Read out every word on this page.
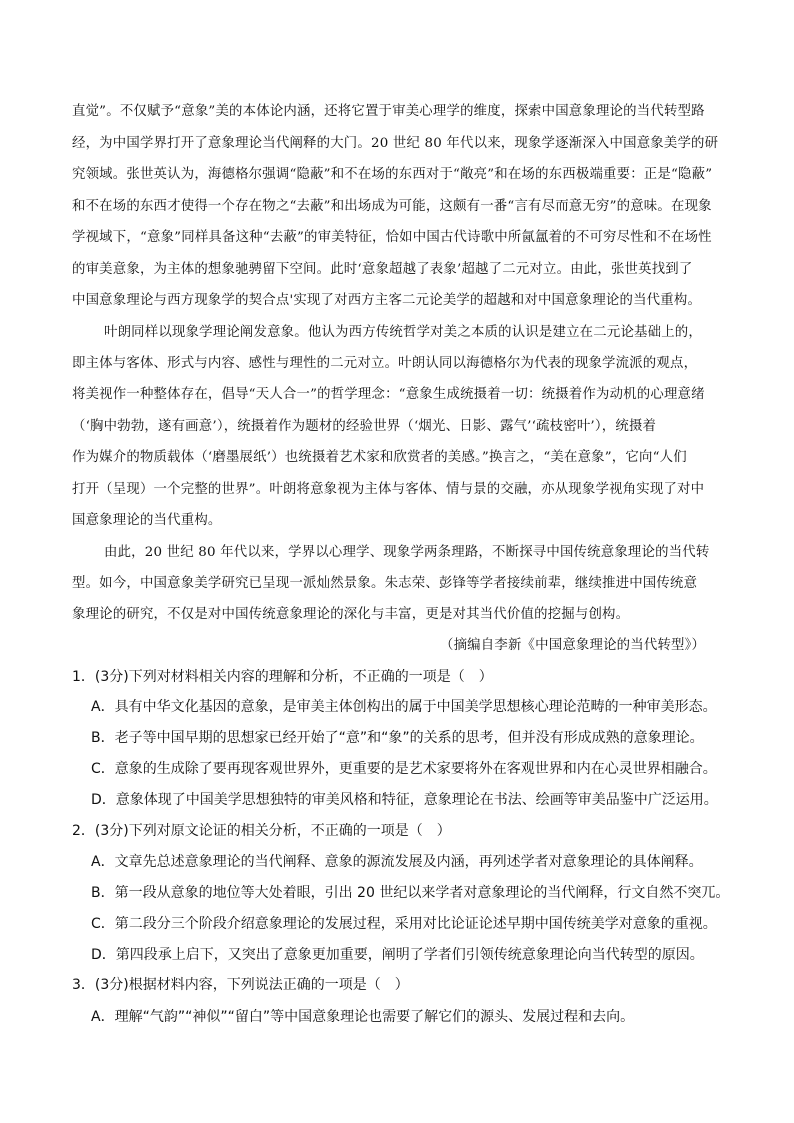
直觉”。不仅赋予“意象”美的本体论内涵，还将它置于审美心理学的维度，探索中国意象理论的当代转型路
经，为中国学界打开了意象理论当代阐释的大门。20 世纪 80 年代以来，现象学逐渐深入中国意象美学的研
究领域。张世英认为，海德格尔强调“隐蔽”和不在场的东西对于“敞亮”和在场的东西极端重要：正是“隐蔽”
和不在场的东西才使得一个存在物之“去蔽”和出场成为可能，这颇有一番“言有尽而意无穷”的意味。在现象
学视域下，“意象”同样具备这种“去蔽”的审美特征，恰如中国古代诗歌中所氤氲着的不可穷尽性和不在场性
的审美意象，为主体的想象驰骋留下空间。此时‘意象超越了表象’超越了二元对立。由此，张世英找到了
中国意象理论与西方现象学的契合点'实现了对西方主客二元论美学的超越和对中国意象理论的当代重构。
叶朗同样以现象学理论阐发意象。他认为西方传统哲学对美之本质的认识是建立在二元论基础上的，
即主体与客体、形式与内容、感性与理性的二元对立。叶朗认同以海德格尔为代表的现象学流派的观点，
将美视作一种整体存在，倡导“天人合一”的哲学理念：“意象生成统摄着一切：统摄着作为动机的心理意绪
（‘胸中勃勃，遂有画意’），统摄着作为题材的经验世界（‘烟光、日影、露气’‘疏枝密叶’），统摄着
作为媒介的物质载体（‘磨墨展纸’）也统摄着艺术家和欣赏者的美感。”换言之，“美在意象”，它向“人们
打开（呈现）一个完整的世界”。叶朗将意象视为主体与客体、情与景的交融，亦从现象学视角实现了对中
国意象理论的当代重构。
由此，20 世纪 80 年代以来，学界以心理学、现象学两条理路，不断探寻中国传统意象理论的当代转
型。如今，中国意象美学研究已呈现一派灿然景象。朱志荣、彭锋等学者接续前辈，继续推进中国传统意
象理论的研究，不仅是对中国传统意象理论的深化与丰富，更是对其当代价值的挖掘与创构。
（摘编自李新《中国意象理论的当代转型》）
1．(3分)下列对材料相关内容的理解和分析，不正确的一项是（　）
A．具有中华文化基因的意象，是审美主体创构出的属于中国美学思想核心理论范畴的一种审美形态。
B．老子等中国早期的思想家已经开始了“意”和“象”的关系的思考，但并没有形成成熟的意象理论。
C．意象的生成除了要再现客观世界外，更重要的是艺术家要将外在客观世界和内在心灵世界相融合。
D．意象体现了中国美学思想独特的审美风格和特征，意象理论在书法、绘画等审美品鉴中广泛运用。
2．(3分)下列对原文论证的相关分析，不正确的一项是（　）
A．文章先总述意象理论的当代阐释、意象的源流发展及内涵，再列述学者对意象理论的具体阐释。
B．第一段从意象的地位等大处着眼，引出 20 世纪以来学者对意象理论的当代阐释，行文自然不突兀。
C．第二段分三个阶段介绍意象理论的发展过程，采用对比论证论述早期中国传统美学对意象的重视。
D．第四段承上启下，又突出了意象更加重要，阐明了学者们引领传统意象理论向当代转型的原因。
3．(3分)根据材料内容，下列说法正确的一项是（　）
A．理解“气韵”“神似”“留白”等中国意象理论也需要了解它们的源头、发展过程和去向。
